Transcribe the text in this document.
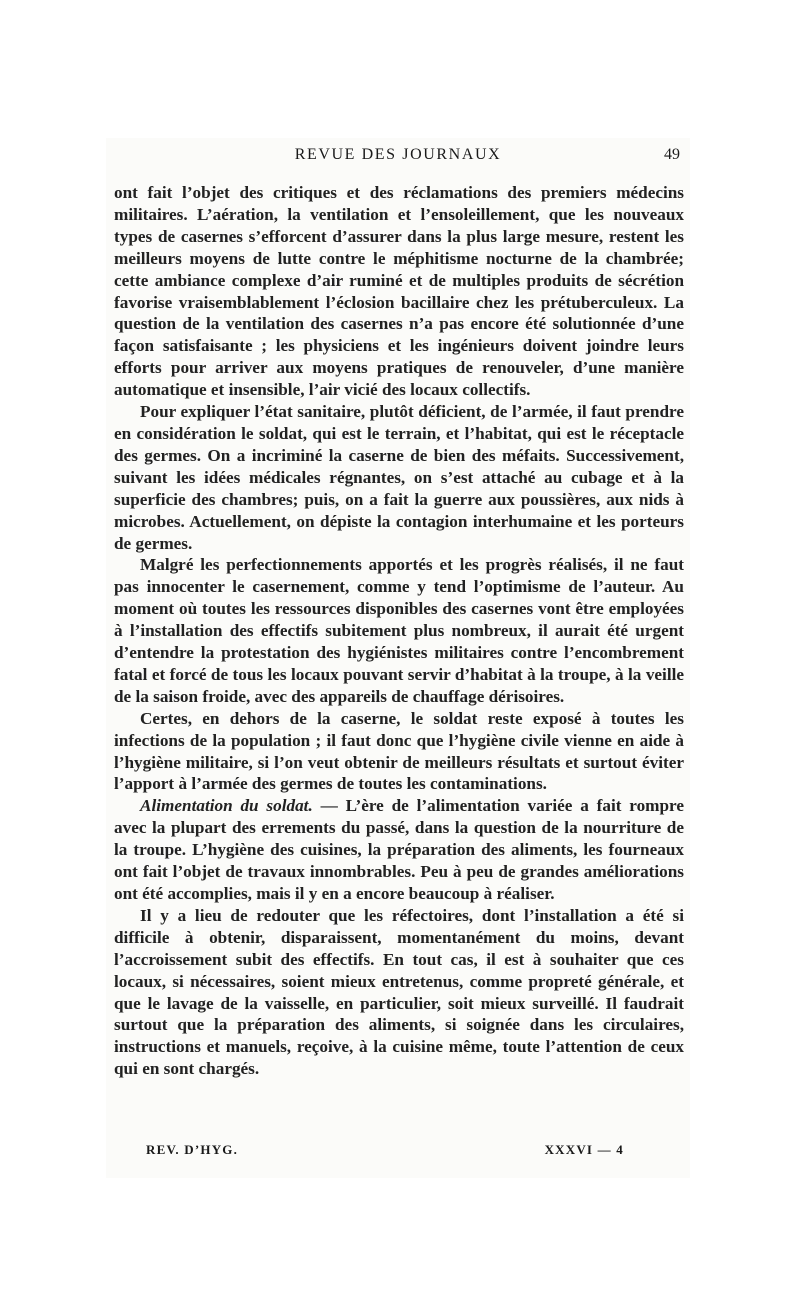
REVUE DES JOURNAUX	49

ont fait l’objet des critiques et des réclamations des premiers médecins militaires. L’aération, la ventilation et l’ensoleillement, que les nouveaux types de casernes s’efforcent d’assurer dans la plus large mesure, restent les meilleurs moyens de lutte contre le méphitisme nocturne de la chambrée; cette ambiance complexe d’air ruminé et de multiples produits de sécrétion favorise vraisemblablement l’éclosion bacillaire chez les prétuberculeux. La question de la ventilation des casernes n’a pas encore été solutionnée d’une façon satisfaisante ; les physiciens et les ingénieurs doivent joindre leurs efforts pour arriver aux moyens pratiques de renouveler, d’une manière automatique et insensible, l’air vicié des locaux collectifs.

Pour expliquer l’état sanitaire, plutôt déficient, de l’armée, il faut prendre en considération le soldat, qui est le terrain, et l’habitat, qui est le réceptacle des germes. On a incriminé la caserne de bien des méfaits. Successivement, suivant les idées médicales régnantes, on s’est attaché au cubage et à la superficie des chambres; puis, on a fait la guerre aux poussières, aux nids à microbes. Actuellement, on dépiste la contagion interhumaine et les porteurs de germes.

Malgré les perfectionnements apportés et les progrès réalisés, il ne faut pas innocenter le casernement, comme y tend l’optimisme de l’auteur. Au moment où toutes les ressources disponibles des casernes vont être employées à l’installation des effectifs subitement plus nombreux, il aurait été urgent d’entendre la protestation des hygiénistes militaires contre l’encombrement fatal et forcé de tous les locaux pouvant servir d’habitat à la troupe, à la veille de la saison froide, avec des appareils de chauffage dérisoires.

Certes, en dehors de la caserne, le soldat reste exposé à toutes les infections de la population ; il faut donc que l’hygiène civile vienne en aide à l’hygiène militaire, si l’on veut obtenir de meilleurs résultats et surtout éviter l’apport à l’armée des germes de toutes les contaminations.

Alimentation du soldat. — L’ère de l’alimentation variée a fait rompre avec la plupart des errements du passé, dans la question de la nourriture de la troupe. L’hygiène des cuisines, la préparation des aliments, les fourneaux ont fait l’objet de travaux innombrables. Peu à peu de grandes améliorations ont été accomplies, mais il y en a encore beaucoup à réaliser.

Il y a lieu de redouter que les réfectoires, dont l’installation a été si difficile à obtenir, disparaissent, momentanément du moins, devant l’accroissement subit des effectifs. En tout cas, il est à souhaiter que ces locaux, si nécessaires, soient mieux entretenus, comme propreté générale, et que le lavage de la vaisselle, en particulier, soit mieux surveillé. Il faudrait surtout que la préparation des aliments, si soignée dans les circulaires, instructions et manuels, reçoive, à la cuisine même, toute l’attention de ceux qui en sont chargés.

REV. D’HYG.	XXXVI — 4
